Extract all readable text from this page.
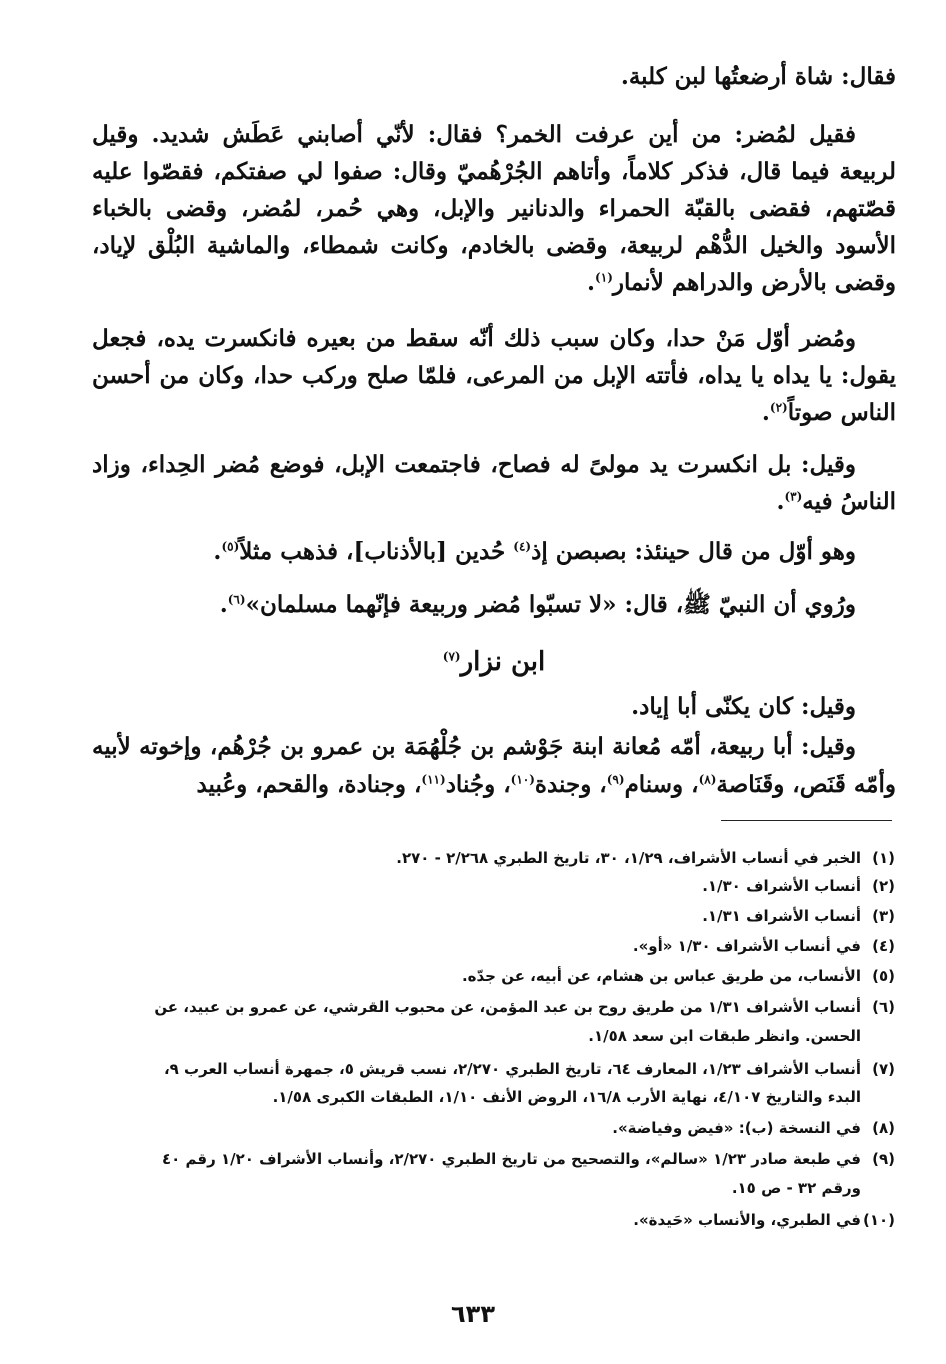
فقال: شاة أرضعتُها لبن كلبة.

فقيل لمُضر: من أين عرفت الخمر؟ فقال: لأنّي أصابني عَطَش شديد. وقيل لربيعة فيما قال، فذكر كلاماً، وأتاهم الجُرْهُميّ وقال: صفوا لي صفتكم، فقصّوا عليه قصّتهم، فقضى بالقبّة الحمراء والدنانير والإبل، وهي حُمر، لمُضر، وقضى بالخباء الأسود والخيل الدُّهْم لربيعة، وقضى بالخادم، وكانت شمطاء، والماشية البُلْق لإياد، وقضى بالأرض والدراهم لأنمار$^{(١)}$.

ومُضر أوّل مَنْ حدا، وكان سبب ذلك أنّه سقط من بعيره فانكسرت يده، فجعل يقول: يا يداه يا يداه، فأتته الإبل من المرعى، فلمّا صلح وركب حدا، وكان من أحسن الناس صوتاً$^{(٢)}$.

وقيل: بل انكسرت يد مولىً له فصاح، فاجتمعت الإبل، فوضع مُضر الحِداء، وزاد الناسُ فيه$^{(٣)}$.

وهو أوّل من قال حينئذ: بصبصن إذ$^{(٤)}$ حُدين [بالأذناب]، فذهب مثلاً$^{(٥)}$.

ورُوي أن النبيّ ﷺ، قال: «لا تسبّوا مُضر وربيعة فإنّهما مسلمان»$^{(٦)}$.

ابن نزار$^{(٧)}$

وقيل: كان يكنّى أبا إياد.

وقيل: أبا ربيعة، أمّه مُعانة ابنة جَوْشم بن جُلْهُمَة بن عمرو بن جُرْهُم، وإخوته لأبيه وأمّه قَنَص، وقَنَاصة$^{(٨)}$، وسنام$^{(٩)}$، وجندة$^{(١٠)}$، وجُناد$^{(١١)}$، وجنادة، والقحم، وعُبيد

(١)الخبر في أنساب الأشراف، ١/٢٩، ٣٠، تاريخ الطبري ٢/٢٦٨ - ٢٧٠.
(٢)أنساب الأشراف ١/٣٠.
(٣)أنساب الأشراف ١/٣١.
(٤)في أنساب الأشراف ١/٣٠ «أو».
(٥)الأنساب، من طريق عباس بن هشام، عن أبيه، عن جدّه.
(٦)أنساب الأشراف ١/٣١ من طريق روح بن عبد المؤمن، عن محبوب القرشي، عن عمرو بن عبيد، عن
الحسن. وانظر طبقات ابن سعد ١/٥٨.
(٧)أنساب الأشراف ١/٢٣، المعارف ٦٤، تاريخ الطبري ٢/٢٧٠، نسب قريش ٥، جمهرة أنساب العرب ٩،
البدء والتاريخ ٤/١٠٧، نهاية الأرب ١٦/٨، الروض الأنف ١/١٠، الطبقات الكبرى ١/٥٨.
(٨)في النسخة (ب): «فيض وفياضة».
(٩)في طبعة صادر ١/٢٣ «سالم»، والتصحيح من تاريخ الطبري ٢/٢٧٠، وأنساب الأشراف ١/٢٠ رقم ٤٠
ورقم ٣٢ - ص ١٥.
(١٠)في الطبري، والأنساب «حَيدة».
٦٣٣
